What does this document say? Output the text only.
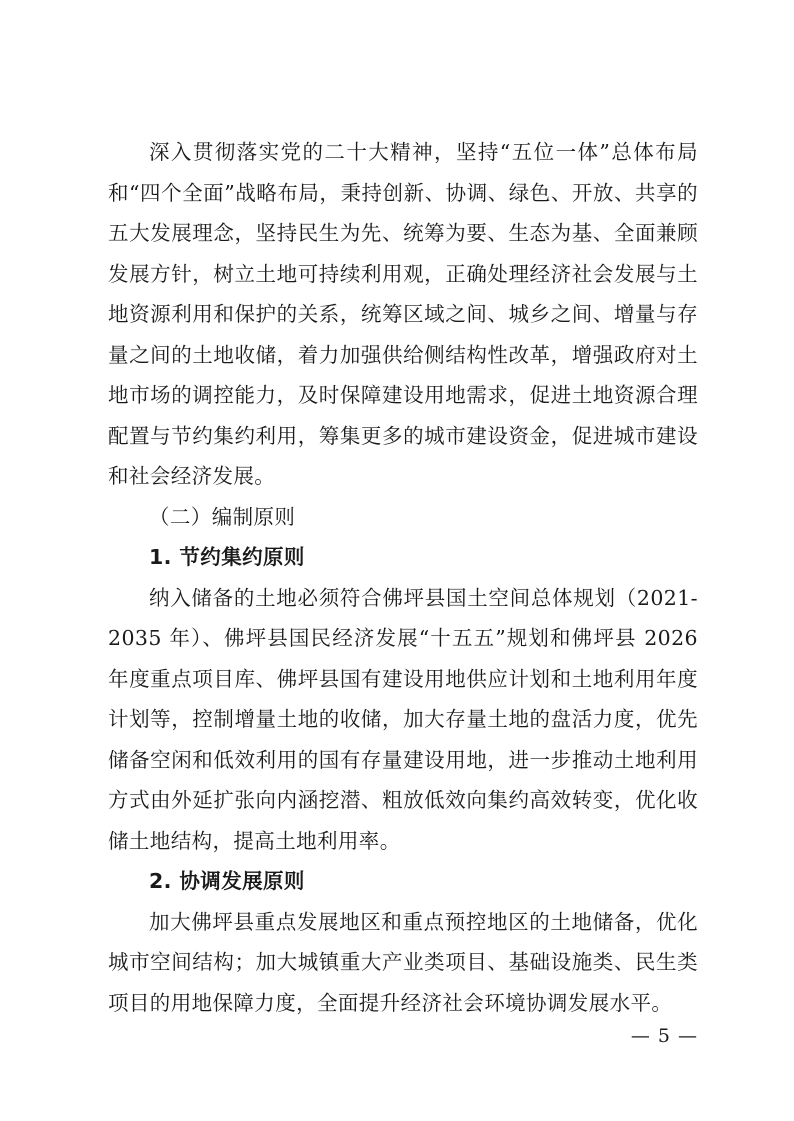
深入贯彻落实党的二十大精神，坚持“五位一体”总体布局和“四个全面”战略布局，秉持创新、协调、绿色、开放、共享的五大发展理念，坚持民生为先、统筹为要、生态为基、全面兼顾发展方针，树立土地可持续利用观，正确处理经济社会发展与土地资源利用和保护的关系，统筹区域之间、城乡之间、增量与存量之间的土地收储，着力加强供给侧结构性改革，增强政府对土地市场的调控能力，及时保障建设用地需求，促进土地资源合理配置与节约集约利用，筹集更多的城市建设资金，促进城市建设和社会经济发展。

（二）编制原则

1. 节约集约原则

纳入储备的土地必须符合佛坪县国土空间总体规划（2021-2035 年）、佛坪县国民经济发展“十五五”规划和佛坪县 2026 年度重点项目库、佛坪县国有建设用地供应计划和土地利用年度计划等，控制增量土地的收储，加大存量土地的盘活力度，优先储备空闲和低效利用的国有存量建设用地，进一步推动土地利用方式由外延扩张向内涵挖潜、粗放低效向集约高效转变，优化收储土地结构，提高土地利用率。

2. 协调发展原则

加大佛坪县重点发展地区和重点预控地区的土地储备，优化城市空间结构；加大城镇重大产业类项目、基础设施类、民生类项目的用地保障力度，全面提升经济社会环境协调发展水平。

— 5 —
